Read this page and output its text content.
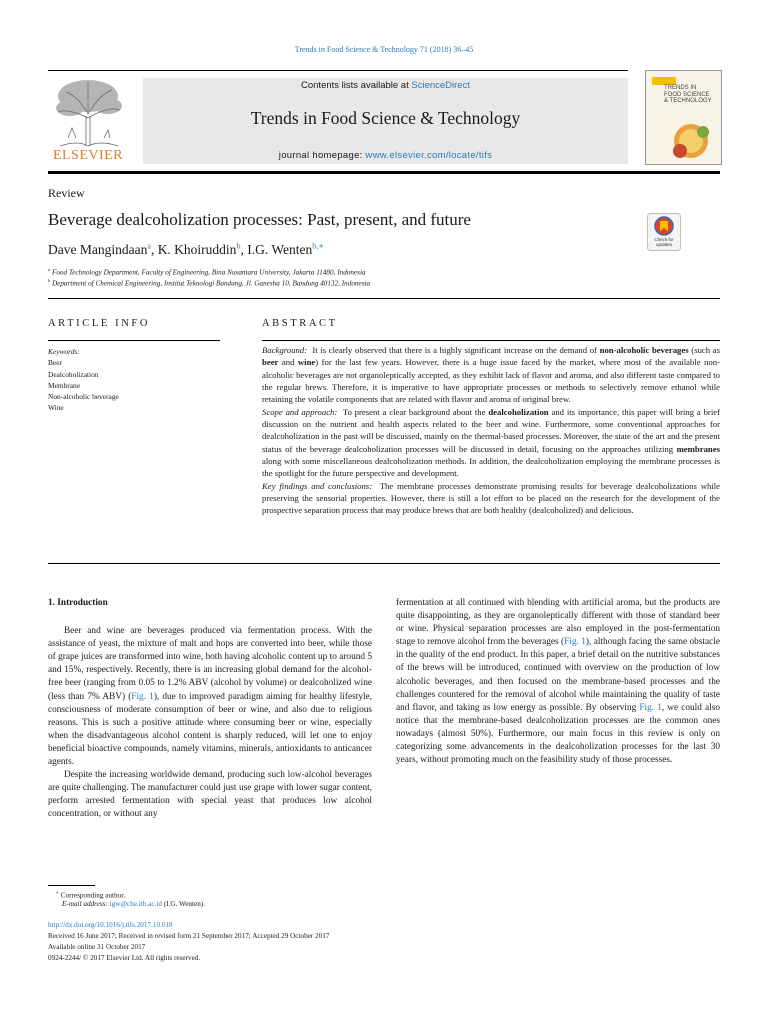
Trends in Food Science & Technology 71 (2018) 36–45
ELSEVIER
Contents lists available at ScienceDirect
Trends in Food Science & Technology
journal homepage: www.elsevier.com/locate/tifs
TRENDS IN
FOOD SCIENCE
& TECHNOLOGY
Review
Beverage dealcoholization processes: Past, present, and future
Check for updates
Dave Mangindaan$^a$, K. Khoiruddin$^b$, I.G. Wenten$^{b,∗}$
$^a$ Food Technology Department, Faculty of Engineering, Bina Nusantara University, Jakarta 11480, Indonesia
$^b$ Department of Chemical Engineering, Institut Teknologi Bandung, Jl. Ganesha 10, Bandung 40132, Indonesia
ARTICLE INFO	ABSTRACT
Keywords:
Beer
Dealcoholization
Membrane
Non-alcoholic beverage
Wine

Background: It is clearly observed that there is a highly significant increase on the demand of non-alcoholic beverages (such as beer and wine) for the last few years. However, there is a huge issue faced by the market, where most of the available non-alcoholic beverages are not organoleptically accepted, as they exhibit lack of flavor and aroma, and also different taste compared to the regular brews. Therefore, it is imperative to have appropriate processes or methods to selectively remove ethanol while retaining the volatile components that are related with flavor and aroma of original brew.

Scope and approach: To present a clear background about the dealcoholization and its importance, this paper will bring a brief discussion on the nutrient and health aspects related to the beer and wine. Furthermore, some conventional approaches for dealcoholization in the past will be discussed, mainly on the thermal-based processes. Moreover, the state of the art and the present status of the beverage dealcoholization processes will be discussed in detail, focusing on the approaches utilizing membranes along with some miscellaneous dealcoholization methods. In addition, the dealcoholization employing the membrane processes is the spotlight for the future perspective and development.

Key findings and conclusions: The membrane processes demonstrate promising results for beverage dealcoholizations while preserving the sensorial properties. However, there is still a lot effort to be placed on the research for the development of the prospective separation process that may produce brews that are both healthy (dealcoholized) and delicious.

1. Introduction

Beer and wine are beverages produced via fermentation process. With the assistance of yeast, the mixture of malt and hops are converted into beer, while those of grape juices are transformed into wine, both having alcoholic content up to around 5 and 15%, respectively. Recently, there is an increasing global demand for the alcohol-free beer (ranging from 0.05 to 1.2% ABV (alcohol by volume) or dealcoholized wine (less than 7% ABV) (Fig. 1), due to improved paradigm aiming for healthy lifestyle, consciousness of moderate consumption of beer or wine, and also due to religious reasons. This is such a positive attitude where consuming beer or wine, especially when the disadvantageous alcohol content is sharply reduced, will let one to enjoy beneficial bioactive compounds, namely vitamins, minerals, antioxidants to anticancer agents.

Despite the increasing worldwide demand, producing such low-alcohol beverages are quite challenging. The manufacturer could just use grape with lower sugar content, perform arrested fermentation with special yeast that produces low alcohol concentration, or without any

fermentation at all continued with blending with artificial aroma, but the products are quite disappointing, as they are organoleptically different with those of standard beer or wine. Physical separation processes are also employed in the post-fermentation stage to remove alcohol from the beverages (Fig. 1), although facing the same obstacle in the quality of the end product. In this paper, a brief detail on the nutritive substances of the brews will be introduced, continued with overview on the production of low alcoholic beverages, and then focused on the membrane-based processes and the challenges countered for the removal of alcohol while maintaining the quality of taste and flavor, and taking as low energy as possible. By observing Fig. 1, we could also notice that the membrane-based dealcoholization processes are the common ones nowadays (almost 50%). Furthermore, our main focus in this review is only on categorizing some advancements in the dealcoholization processes for the last 30 years, without promoting much on the feasibility study of those processes.

∗ Corresponding author.
E-mail address: igw@che.itb.ac.id (I.G. Wenten).
http://dx.doi.org/10.1016/j.tifs.2017.10.018
Received 16 June 2017; Received in revised form 21 September 2017; Accepted 29 October 2017
Available online 31 October 2017
0924-2244/ © 2017 Elsevier Ltd. All rights reserved.
